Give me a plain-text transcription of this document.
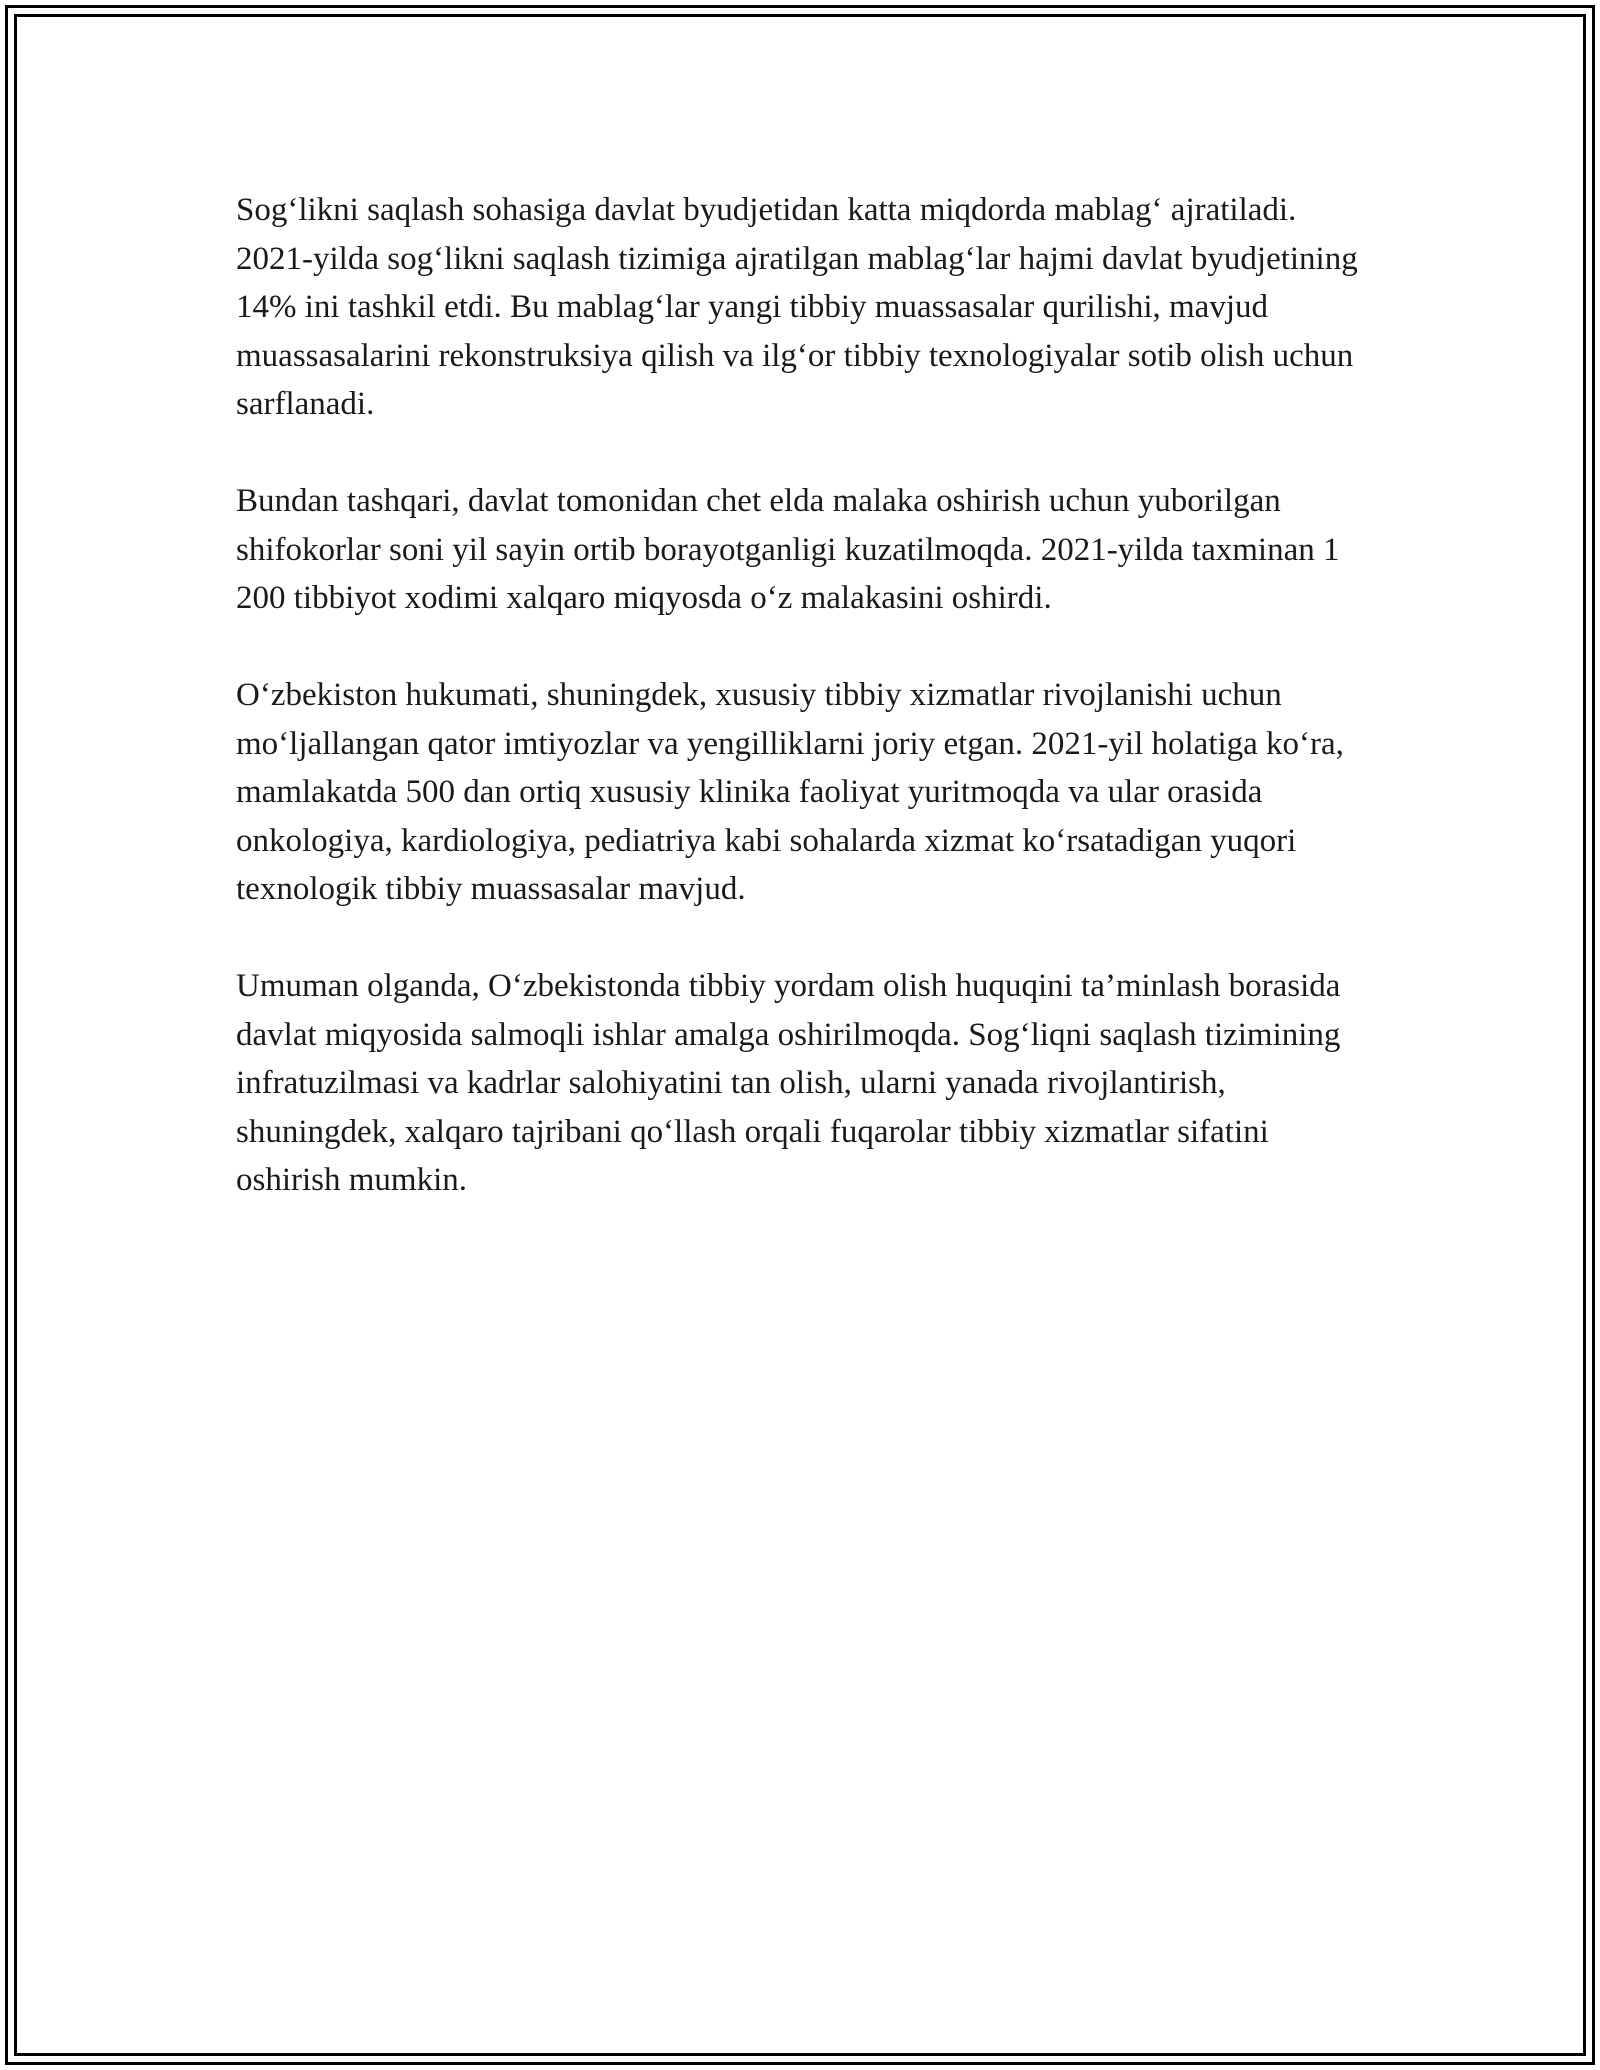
Sog‘likni saqlash sohasiga davlat byudjetidan katta miqdorda mablag‘ ajratiladi. 2021-yilda sog‘likni saqlash tizimiga ajratilgan mablag‘lar hajmi davlat byudjetining 14% ini tashkil etdi. Bu mablag‘lar yangi tibbiy muassasalar qurilishi, mavjud muassasalarini rekonstruksiya qilish va ilg‘or tibbiy texnologiyalar sotib olish uchun sarflanadi.

Bundan tashqari, davlat tomonidan chet elda malaka oshirish uchun yuborilgan shifokorlar soni yil sayin ortib borayotganligi kuzatilmoqda. 2021-yilda taxminan 1 200 tibbiyot xodimi xalqaro miqyosda o‘z malakasini oshirdi.

O‘zbekiston hukumati, shuningdek, xususiy tibbiy xizmatlar rivojlanishi uchun mo‘ljallangan qator imtiyozlar va yengilliklarni joriy etgan. 2021-yil holatiga ko‘ra, mamlakatda 500 dan ortiq xususiy klinika faoliyat yuritmoqda va ular orasida onkologiya, kardiologiya, pediatriya kabi sohalarda xizmat ko‘rsatadigan yuqori texnologik tibbiy muassasalar mavjud.

Umuman olganda, O‘zbekistonda tibbiy yordam olish huquqini ta’minlash borasida davlat miqyosida salmoqli ishlar amalga oshirilmoqda. Sog‘liqni saqlash tizimining infratuzilmasi va kadrlar salohiyatini tan olish, ularni yanada rivojlantirish, shuningdek, xalqaro tajribani qo‘llash orqali fuqarolar tibbiy xizmatlar sifatini oshirish mumkin.
